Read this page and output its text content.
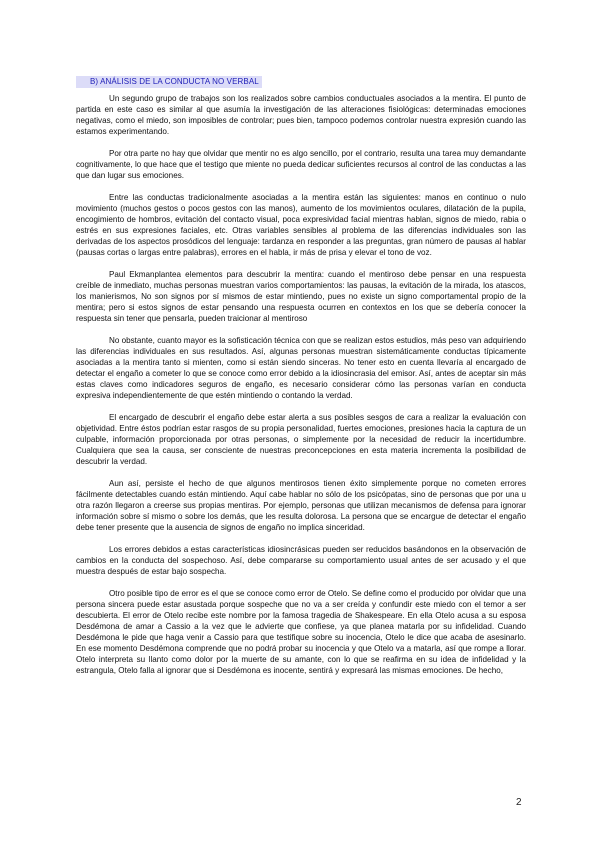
B) ANÁLISIS DE LA CONDUCTA NO VERBAL

Un segundo grupo de trabajos son los realizados sobre cambios conductuales asociados a la mentira. El punto de partida en este caso es similar al que asumía la investigación de las alteraciones fisiológicas: determinadas emociones negativas, como el miedo, son imposibles de controlar; pues bien, tampoco podemos controlar nuestra expresión cuando las estamos experimentando.

Por otra parte no hay que olvidar que mentir no es algo sencillo, por el contrario, resulta una tarea muy demandante cognitivamente, lo que hace que el testigo que miente no pueda dedicar suficientes recursos al control de las conductas a las que dan lugar sus emociones.

Entre las conductas tradicionalmente asociadas a la mentira están las siguientes: manos en continuo o nulo movimiento (muchos gestos o pocos gestos con las manos), aumento de los movimientos oculares, dilatación de la pupila, encogimiento de hombros, evitación del contacto visual, poca expresividad facial mientras hablan, signos de miedo, rabia o estrés en sus expresiones faciales, etc. Otras variables sensibles al problema de las diferencias individuales son las derivadas de los aspectos prosódicos del lenguaje: tardanza en responder a las preguntas, gran número de pausas al hablar (pausas cortas o largas entre palabras), errores en el habla, ir más de prisa y elevar el tono de voz.

Paul Ekmanplantea elementos para descubrir la mentira: cuando el mentiroso debe pensar en una respuesta creíble de inmediato, muchas personas muestran varios comportamientos: las pausas, la evitación de la mirada, los atascos, los manierismos, No son signos por sí mismos de estar mintiendo, pues no existe un signo comportamental propio de la mentira; pero si estos signos de estar pensando una respuesta ocurren en contextos en los que se debería conocer la respuesta sin tener que pensarla, pueden traicionar al mentiroso

No obstante, cuanto mayor es la sofisticación técnica con que se realizan estos estudios, más peso van adquiriendo las diferencias individuales en sus resultados. Así, algunas personas muestran sistemáticamente conductas típicamente asociadas a la mentira tanto si mienten, como si están siendo sinceras. No tener esto en cuenta llevaría al encargado de detectar el engaño a cometer lo que se conoce como error debido a la idiosincrasia del emisor. Así, antes de aceptar sin más estas claves como indicadores seguros de engaño, es necesario considerar cómo las personas varían en conducta expresiva independientemente de que estén mintiendo o contando la verdad.

El encargado de descubrir el engaño debe estar alerta a sus posibles sesgos de cara a realizar la evaluación con objetividad. Entre éstos podrían estar rasgos de su propia personalidad, fuertes emociones, presiones hacia la captura de un culpable, información proporcionada por otras personas, o simplemente por la necesidad de reducir la incertidumbre. Cualquiera que sea la causa, ser consciente de nuestras preconcepciones en esta materia incrementa la posibilidad de descubrir la verdad.

Aun así, persiste el hecho de que algunos mentirosos tienen éxito simplemente porque no cometen errores fácilmente detectables cuando están mintiendo. Aquí cabe hablar no sólo de los psicópatas, sino de personas que por una u otra razón llegaron a creerse sus propias mentiras. Por ejemplo, personas que utilizan mecanismos de defensa para ignorar información sobre sí mismo o sobre los demás, que les resulta dolorosa. La persona que se encargue de detectar el engaño debe tener presente que la ausencia de signos de engaño no implica sinceridad.

Los errores debidos a estas características idiosincrásicas pueden ser reducidos basándonos en la observación de cambios en la conducta del sospechoso. Así, debe compararse su comportamiento usual antes de ser acusado y el que muestra después de estar bajo sospecha.

Otro posible tipo de error es el que se conoce como error de Otelo. Se define como el producido por olvidar que una persona sincera puede estar asustada porque sospeche que no va a ser creída y confundir este miedo con el temor a ser descubierta. El error de Otelo recibe este nombre por la famosa tragedia de Shakespeare. En ella Otelo acusa a su esposa Desdémona de amar a Cassio a la vez que le advierte que confiese, ya que planea matarla por su infidelidad. Cuando Desdémona le pide que haga venir a Cassio para que testifique sobre su inocencia, Otelo le dice que acaba de asesinarlo. En ese momento Desdémona comprende que no podrá probar su inocencia y que Otelo va a matarla, así que rompe a llorar. Otelo interpreta su llanto como dolor por la muerte de su amante, con lo que se reafirma en su idea de infidelidad y la estrangula, Otelo falla al ignorar que si Desdémona es inocente, sentirá y expresará las mismas emociones. De hecho,

2
